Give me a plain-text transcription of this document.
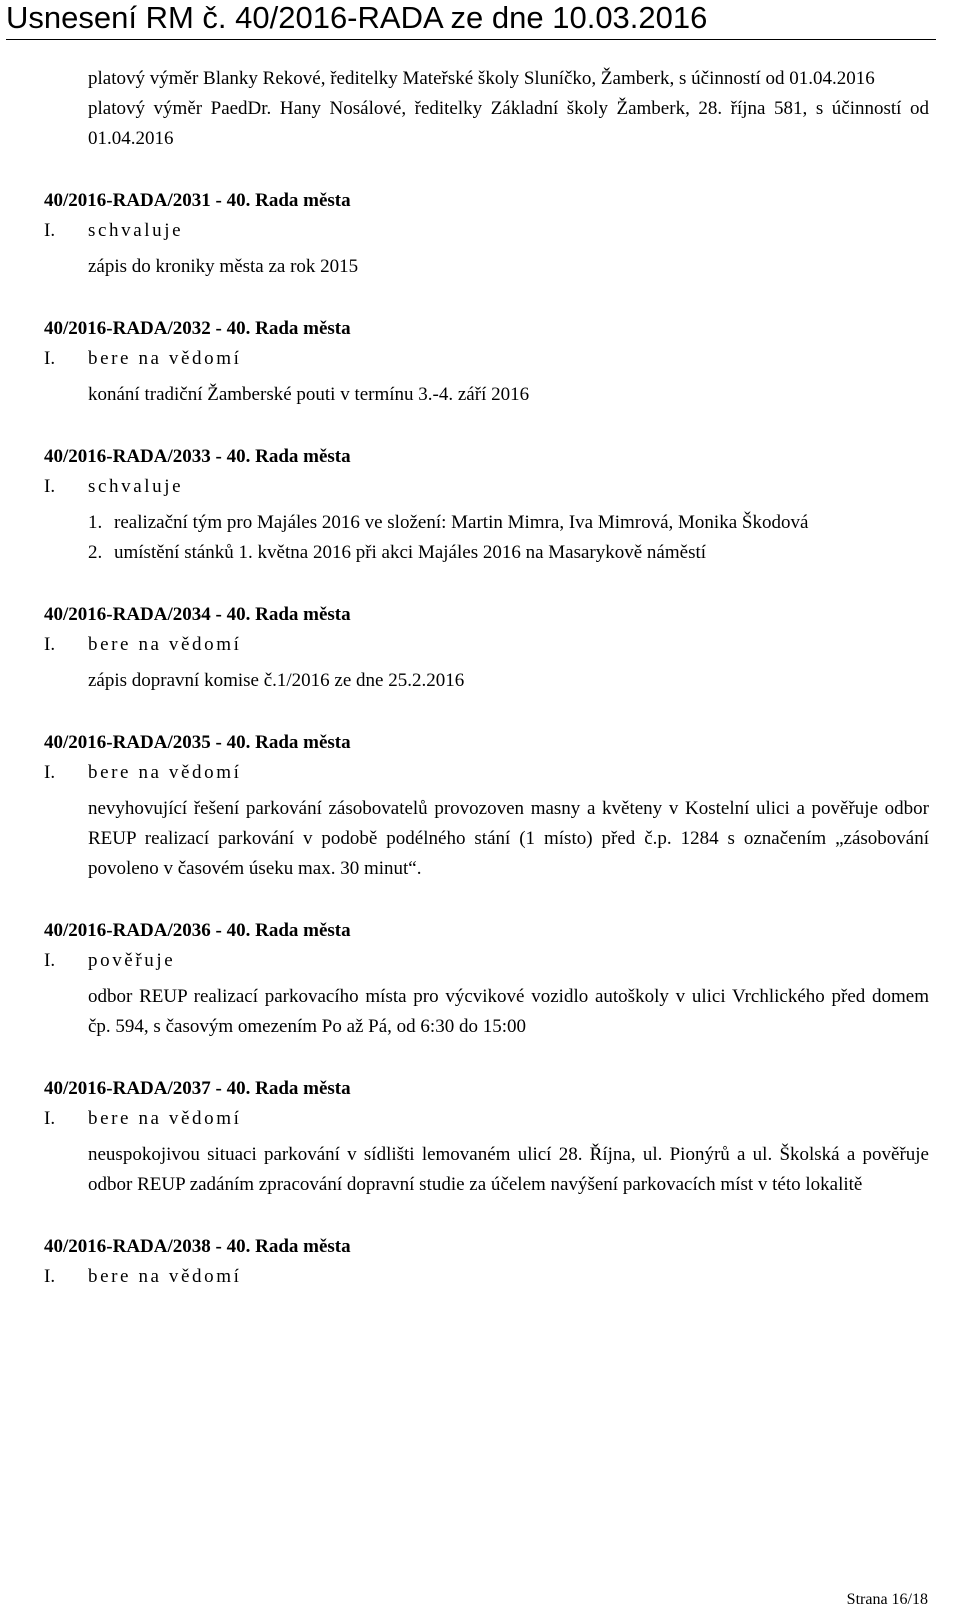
Usnesení RM č. 40/2016-RADA ze dne 10.03.2016

platový výměr Blanky Rekové, ředitelky Mateřské školy Sluníčko, Žamberk, s účinností od 01.04.2016

platový výměr PaedDr. Hany Nosálové, ředitelky Základní školy Žamberk, 28. října 581, s účinností od 01.04.2016

40/2016-RADA/2031 - 40. Rada města

I. schvaluje

zápis do kroniky města za rok 2015

40/2016-RADA/2032 - 40. Rada města

I. bere na vědomí

konání tradiční Žamberské pouti v termínu 3.-4. září 2016

40/2016-RADA/2033 - 40. Rada města

I. schvaluje

1. realizační tým pro Majáles 2016 ve složení: Martin Mimra, Iva Mimrová, Monika Škodová
2. umístění stánků 1. května 2016 při akci Majáles 2016 na Masarykově náměstí

40/2016-RADA/2034 - 40. Rada města

I. bere na vědomí

zápis dopravní komise č.1/2016 ze dne 25.2.2016

40/2016-RADA/2035 - 40. Rada města

I. bere na vědomí

nevyhovující řešení parkování zásobovatelů provozoven masny a květeny v Kostelní ulici a pověřuje odbor REUP realizací parkování v podobě podélného stání (1 místo) před č.p. 1284 s označením „zásobování povoleno v časovém úseku max. 30 minut“.

40/2016-RADA/2036 - 40. Rada města

I. pověřuje

odbor REUP realizací parkovacího místa pro výcvikové vozidlo autoškoly v ulici Vrchlického před domem čp. 594, s časovým omezením Po až Pá, od 6:30 do 15:00

40/2016-RADA/2037 - 40. Rada města

I. bere na vědomí

neuspokojivou situaci parkování v sídlišti lemovaném ulicí 28. Října, ul. Pionýrů a ul. Školská a pověřuje odbor REUP zadáním zpracování dopravní studie za účelem navýšení parkovacích míst v této lokalitě

40/2016-RADA/2038 - 40. Rada města

I. bere na vědomí

Strana 16/18
